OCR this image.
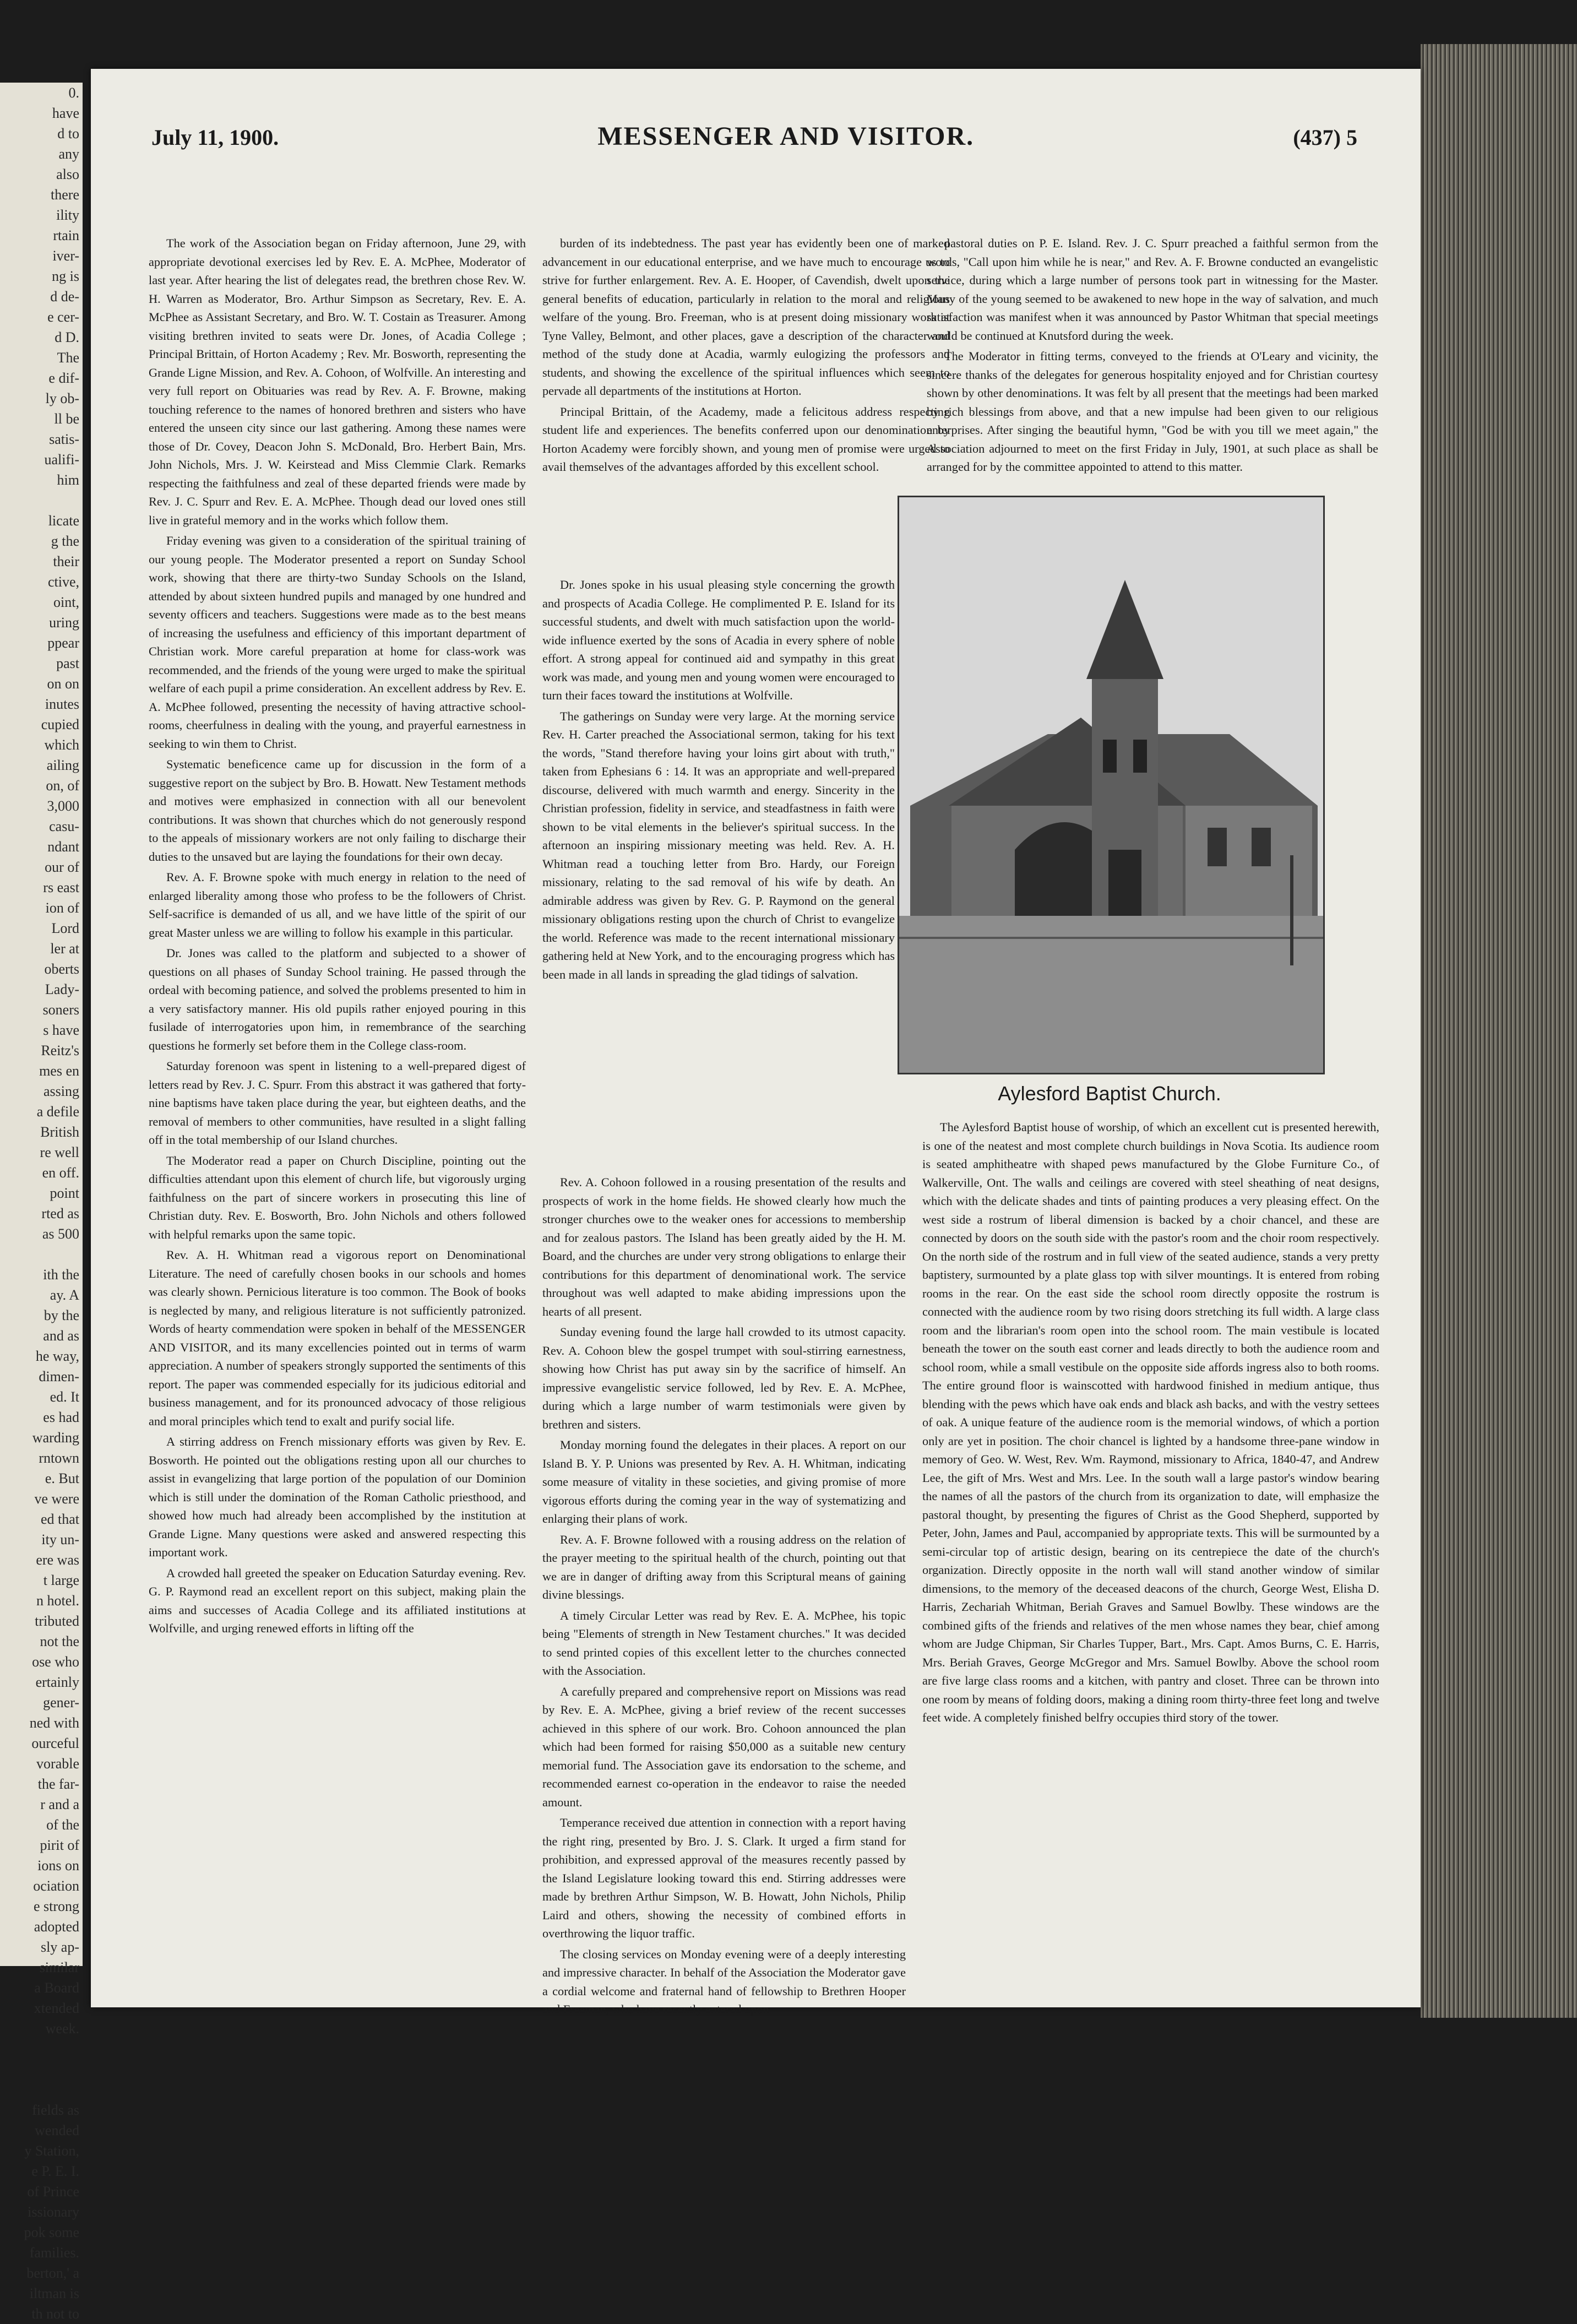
0.
have
d to
any
also
there
ility
rtain
iver-
ng is
d de-
e cer-
d D.
The
e dif-
ly ob-
ll be
satis-
ualifi-
him

licate
g the
their
ctive,
oint,
uring
ppear
past
on on
inutes
cupied
which
ailing
on, of
3,000
casu-
ndant
our of
rs east
ion of
Lord
ler at
oberts
Lady-
soners
s have
Reitz's
mes en
assing
a defile
British
re well
en off.
point
rted as
as 500

ith the
ay. A
by the
and as
he way,
dimen-
ed. It
es had
warding
rntown
e. But
ve were
ed that
ity un-
ere was
t large
n hotel.
tributed
not the
ose who
ertainly
gener-
ned with
ourceful
vorable
the far-
r and a
of the
pirit of
ions on
ociation
e strong
adopted
sly ap-
similar
a Board
xtended
week.

fields as
wended
y Station,
e P. E. I.
of Prince
issionary
pok some
families.
berton,' a
iltman is
th not to
July 11, 1900.	MESSENGER AND VISITOR.	(437) 5

The work of the Association began on Friday afternoon, June 29, with appropriate devotional exercises led by Rev. E. A. McPhee, Moderator of last year. After hearing the list of delegates read, the brethren chose Rev. W. H. Warren as Moderator, Bro. Arthur Simpson as Secretary, Rev. E. A. McPhee as Assistant Secretary, and Bro. W. T. Costain as Treasurer. Among visiting brethren invited to seats were Dr. Jones, of Acadia College ; Principal Brittain, of Horton Academy ; Rev. Mr. Bosworth, representing the Grande Ligne Mission, and Rev. A. Cohoon, of Wolfville. An interesting and very full report on Obituaries was read by Rev. A. F. Browne, making touching reference to the names of honored brethren and sisters who have entered the unseen city since our last gathering. Among these names were those of Dr. Covey, Deacon John S. McDonald, Bro. Herbert Bain, Mrs. John Nichols, Mrs. J. W. Keirstead and Miss Clemmie Clark. Remarks respecting the faithfulness and zeal of these departed friends were made by Rev. J. C. Spurr and Rev. E. A. McPhee. Though dead our loved ones still live in grateful memory and in the works which follow them.

Friday evening was given to a consideration of the spiritual training of our young people. The Moderator presented a report on Sunday School work, showing that there are thirty-two Sunday Schools on the Island, attended by about sixteen hundred pupils and managed by one hundred and seventy officers and teachers. Suggestions were made as to the best means of increasing the usefulness and efficiency of this important department of Christian work. More careful preparation at home for class-work was recommended, and the friends of the young were urged to make the spiritual welfare of each pupil a prime consideration. An excellent address by Rev. E. A. McPhee followed, presenting the necessity of having attractive school-rooms, cheerfulness in dealing with the young, and prayerful earnestness in seeking to win them to Christ.

Systematic beneficence came up for discussion in the form of a suggestive report on the subject by Bro. B. Howatt. New Testament methods and motives were emphasized in connection with all our benevolent contributions. It was shown that churches which do not generously respond to the appeals of missionary workers are not only failing to discharge their duties to the unsaved but are laying the foundations for their own decay.

Rev. A. F. Browne spoke with much energy in relation to the need of enlarged liberality among those who profess to be the followers of Christ. Self-sacrifice is demanded of us all, and we have little of the spirit of our great Master unless we are willing to follow his example in this particular.

Dr. Jones was called to the platform and subjected to a shower of questions on all phases of Sunday School training. He passed through the ordeal with becoming patience, and solved the problems presented to him in a very satisfactory manner. His old pupils rather enjoyed pouring in this fusilade of interrogatories upon him, in remembrance of the searching questions he formerly set before them in the College class-room.

Saturday forenoon was spent in listening to a well-prepared digest of letters read by Rev. J. C. Spurr. From this abstract it was gathered that forty-nine baptisms have taken place during the year, but eighteen deaths, and the removal of members to other communities, have resulted in a slight falling off in the total membership of our Island churches.

The Moderator read a paper on Church Discipline, pointing out the difficulties attendant upon this element of church life, but vigorously urging faithfulness on the part of sincere workers in prosecuting this line of Christian duty. Rev. E. Bosworth, Bro. John Nichols and others followed with helpful remarks upon the same topic.

Rev. A. H. Whitman read a vigorous report on Denominational Literature. The need of carefully chosen books in our schools and homes was clearly shown. Pernicious literature is too common. The Book of books is neglected by many, and religious literature is not sufficiently patronized. Words of hearty commendation were spoken in behalf of the MESSENGER AND VISITOR, and its many excellencies pointed out in terms of warm appreciation. A number of speakers strongly supported the sentiments of this report. The paper was commended especially for its judicious editorial and business management, and for its pronounced advocacy of those religious and moral principles which tend to exalt and purify social life.

A stirring address on French missionary efforts was given by Rev. E. Bosworth. He pointed out the obligations resting upon all our churches to assist in evangelizing that large portion of the population of our Dominion which is still under the domination of the Roman Catholic priesthood, and showed how much had already been accomplished by the institution at Grande Ligne. Many questions were asked and answered respecting this important work.

A crowded hall greeted the speaker on Education Saturday evening. Rev. G. P. Raymond read an excellent report on this subject, making plain the aims and successes of Acadia College and its affiliated institutions at Wolfville, and urging renewed efforts in lifting off the

burden of its indebtedness. The past year has evidently been one of marked advancement in our educational enterprise, and we have much to encourage us to strive for further enlargement. Rev. A. E. Hooper, of Cavendish, dwelt upon the general benefits of education, particularly in relation to the moral and religious welfare of the young. Bro. Freeman, who is at present doing missionary work at Tyne Valley, Belmont, and other places, gave a description of the character and method of the study done at Acadia, warmly eulogizing the professors and students, and showing the excellence of the spiritual influences which seem to pervade all departments of the institutions at Horton.

Principal Brittain, of the Academy, made a felicitous address respecting student life and experiences. The benefits conferred upon our denomination by Horton Academy were forcibly shown, and young men of promise were urged to avail themselves of the advantages afforded by this excellent school.

Dr. Jones spoke in his usual pleasing style concerning the growth and prospects of Acadia College. He complimented P. E. Island for its successful students, and dwelt with much satisfaction upon the world-wide influence exerted by the sons of Acadia in every sphere of noble effort. A strong appeal for continued aid and sympathy in this great work was made, and young men and young women were encouraged to turn their faces toward the institutions at Wolfville.

The gatherings on Sunday were very large. At the morning service Rev. H. Carter preached the Associational sermon, taking for his text the words, "Stand therefore having your loins girt about with truth," taken from Ephesians 6 : 14. It was an appropriate and well-prepared discourse, delivered with much warmth and energy. Sincerity in the Christian profession, fidelity in service, and steadfastness in faith were shown to be vital elements in the believer's spiritual success. In the afternoon an inspiring missionary meeting was held. Rev. A. H. Whitman read a touching letter from Bro. Hardy, our Foreign missionary, relating to the sad removal of his wife by death. An admirable address was given by Rev. G. P. Raymond on the general missionary obligations resting upon the church of Christ to evangelize the world. Reference was made to the recent international missionary gathering held at New York, and to the encouraging progress which has been made in all lands in spreading the glad tidings of salvation.

Rev. A. Cohoon followed in a rousing presentation of the results and prospects of work in the home fields. He showed clearly how much the stronger churches owe to the weaker ones for accessions to membership and for zealous pastors. The Island has been greatly aided by the H. M. Board, and the churches are under very strong obligations to enlarge their contributions for this department of denominational work. The service throughout was well adapted to make abiding impressions upon the hearts of all present.

Sunday evening found the large hall crowded to its utmost capacity. Rev. A. Cohoon blew the gospel trumpet with soul-stirring earnestness, showing how Christ has put away sin by the sacrifice of himself. An impressive evangelistic service followed, led by Rev. E. A. McPhee, during which a large number of warm testimonials were given by brethren and sisters.

Monday morning found the delegates in their places. A report on our Island B. Y. P. Unions was presented by Rev. A. H. Whitman, indicating some measure of vitality in these societies, and giving promise of more vigorous efforts during the coming year in the way of systematizing and enlarging their plans of work.

Rev. A. F. Browne followed with a rousing address on the relation of the prayer meeting to the spiritual health of the church, pointing out that we are in danger of drifting away from this Scriptural means of gaining divine blessings.

A timely Circular Letter was read by Rev. E. A. McPhee, his topic being "Elements of strength in New Testament churches." It was decided to send printed copies of this excellent letter to the churches connected with the Association.

A carefully prepared and comprehensive report on Missions was read by Rev. E. A. McPhee, giving a brief review of the recent successes achieved in this sphere of our work. Bro. Cohoon announced the plan which had been formed for raising $50,000 as a suitable new century memorial fund. The Association gave its endorsation to the scheme, and recommended earnest co-operation in the endeavor to raise the needed amount.

Temperance received due attention in connection with a report having the right ring, presented by Bro. J. S. Clark. It urged a firm stand for prohibition, and expressed approval of the measures recently passed by the Island Legislature looking toward this end. Stirring addresses were made by brethren Arthur Simpson, W. B. Howatt, John Nichols, Philip Laird and others, showing the necessity of combined efforts in overthrowing the liquor traffic.

The closing services on Monday evening were of a deeply interesting and impressive character. In behalf of the Association the Moderator gave a cordial welcome and fraternal hand of fellowship to Brethren Hooper and Freeman, who have recently entered upon

pastoral duties on P. E. Island. Rev. J. C. Spurr preached a faithful sermon from the words, "Call upon him while he is near," and Rev. A. F. Browne conducted an evangelistic service, during which a large number of persons took part in witnessing for the Master. Many of the young seemed to be awakened to new hope in the way of salvation, and much satisfaction was manifest when it was announced by Pastor Whitman that special meetings would be continued at Knutsford during the week.

The Moderator in fitting terms, conveyed to the friends at O'Leary and vicinity, the sincere thanks of the delegates for generous hospitality enjoyed and for Christian courtesy shown by other denominations. It was felt by all present that the meetings had been marked by rich blessings from above, and that a new impulse had been given to our religious enterprises. After singing the beautiful hymn, "God be with you till we meet again," the Association adjourned to meet on the first Friday in July, 1901, at such place as shall be arranged for by the committee appointed to attend to this matter.

Aylesford Baptist Church.

The Aylesford Baptist house of worship, of which an excellent cut is presented herewith, is one of the neatest and most complete church buildings in Nova Scotia. Its audience room is seated amphitheatre with shaped pews manufactured by the Globe Furniture Co., of Walkerville, Ont. The walls and ceilings are covered with steel sheathing of neat designs, which with the delicate shades and tints of painting produces a very pleasing effect. On the west side a rostrum of liberal dimension is backed by a choir chancel, and these are connected by doors on the south side with the pastor's room and the choir room respectively. On the north side of the rostrum and in full view of the seated audience, stands a very pretty baptistery, surmounted by a plate glass top with silver mountings. It is entered from robing rooms in the rear. On the east side the school room directly opposite the rostrum is connected with the audience room by two rising doors stretching its full width. A large class room and the librarian's room open into the school room. The main vestibule is located beneath the tower on the south east corner and leads directly to both the audience room and school room, while a small vestibule on the opposite side affords ingress also to both rooms. The entire ground floor is wainscotted with hardwood finished in medium antique, thus blending with the pews which have oak ends and black ash backs, and with the vestry settees of oak. A unique feature of the audience room is the memorial windows, of which a portion only are yet in position. The choir chancel is lighted by a handsome three-pane window in memory of Geo. W. West, Rev. Wm. Raymond, missionary to Africa, 1840-47, and Andrew Lee, the gift of Mrs. West and Mrs. Lee. In the south wall a large pastor's window bearing the names of all the pastors of the church from its organization to date, will emphasize the pastoral thought, by presenting the figures of Christ as the Good Shepherd, supported by Peter, John, James and Paul, accompanied by appropriate texts. This will be surmounted by a semi-circular top of artistic design, bearing on its centrepiece the date of the church's organization. Directly opposite in the north wall will stand another window of similar dimensions, to the memory of the deceased deacons of the church, George West, Elisha D. Harris, Zechariah Whitman, Beriah Graves and Samuel Bowlby. These windows are the combined gifts of the friends and relatives of the men whose names they bear, chief among whom are Judge Chipman, Sir Charles Tupper, Bart., Mrs. Capt. Amos Burns, C. E. Harris, Mrs. Beriah Graves, George McGregor and Mrs. Samuel Bowlby. Above the school room are five large class rooms and a kitchen, with pantry and closet. Three can be thrown into one room by means of folding doors, making a dining room thirty-three feet long and twelve feet wide. A completely finished belfry occupies third story of the tower.
